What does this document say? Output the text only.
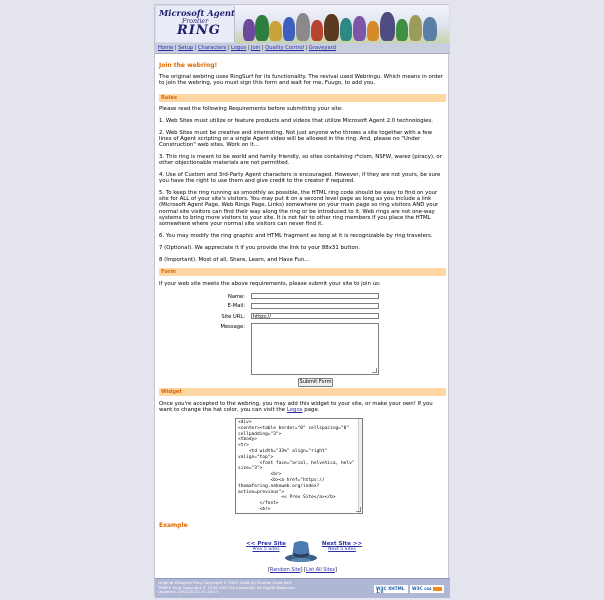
Microsoft Agent
Frontier
RING
Home | Setup | Characters | Logos | Join | Quality Control | Graveyard
Join the webring!

The original webring uses RingSurf for its functionality. The revival used Webringu. Which means in order to join the webring, you must sign this form and wait for me, Fuugo, to add you.

Rules

Please read the following Requirements before submitting your site:

1. Web Sites must utilize or feature products and videos that utilize Microsoft Agent 2.0 technologies.

2. Web Sites must be creative and interesting. Not just anyone who throws a site together with a few lines of Agent scripting or a single Agent video will be allowed in the ring. And, please no "Under Construction" web sites. Work on it...

3. This ring is meant to be world and family friendly, so sites containing r*cism, NSFW, warez (piracy), or other objectionable materials are not permitted.

4. Use of Custom and 3rd-Party Agent characters is encouraged. However, if they are not yours, be sure you have the right to use them and give credit to the creator if required.

5. To keep the ring running as smoothly as possible, the HTML ring code should be easy to find on your site for ALL of your site's visitors. You may put it on a second level page as long as you include a link (Microsoft Agent Page, Web Rings Page, Links) somewhere on your main page so ring visitors AND your normal site visitors can find their way along the ring or be introduced to it. Web rings are not one-way systems to bring more visitors to your site. It is not fair to other ring members if you place the HTML somewhere where your normal site visitors can never find it.

6. You may modify the ring graphic and HTML fragment as long at it is recognizable by ring travelers.

7 (Optional). We appreciate it if you provide the link to your 88x31 button.

8 (Important). Most of all, Share, Learn, and Have Fun...

Form

If your web site meets the above requirements, please submit your site to join us:

Name:
E-Mail:
Site URL:	https://
Message:
Submit Form
Widget

Once you're accepted to the webring, you may add this widget to your site, or make your own! If you want to change the hat color, you can visit the Logos page.

<div>
<center><table border="0" cellspacing="0"
cellpadding="3">
<tbody>
<tr>
<td width="33%" align="right"
valign="top">
<font face="arial, helvetica, helv"
size="3">
<br>
<b><a href="https://
themafering.nekoweb.org/index?
action=previous">
<< Prev Site</a></b>
</font>
<br>
Example
<< Prev Site
Prev 5 Sites
Next Site >>
Next 5 Sites
[Random Site] [List All Sites]
Original MSAgent Ring Copyright © 1997-2006 by Sindian Scott Bell.
TMAFE Ring Copyright © 2018-2025 by Kraken06. All Rights Reserved.
Updated: 22/02/2022 21:18:17
W3C XHTML 1.0
W3C css
